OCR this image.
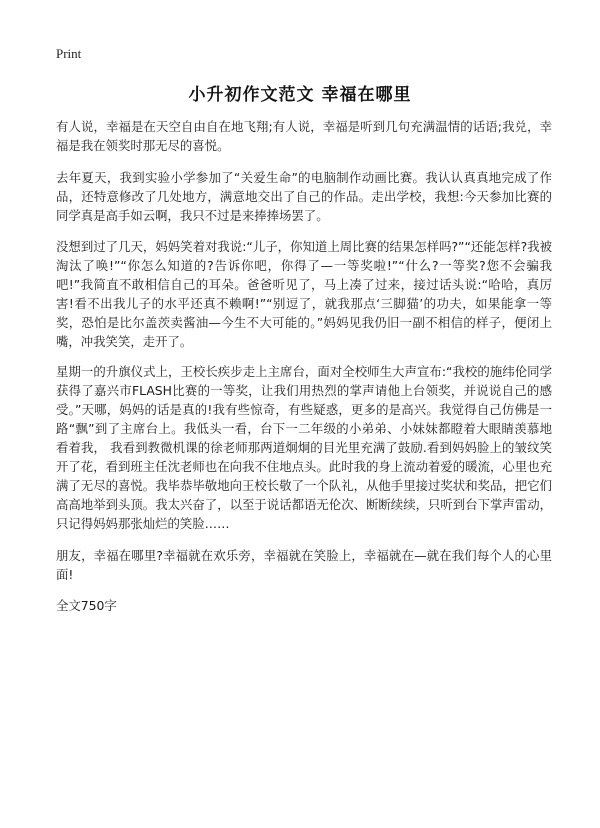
Print
小升初作文范文 幸福在哪里

有人说，幸福是在天空自由自在地飞翔;有人说，幸福是听到几句充满温情的话语;我兑，幸福是我在领奖时那无尽的喜悦。

去年夏天，我到实验小学参加了“关爱生命”的电脑制作动画比赛。我认认真真地完成了作品，还特意修改了几处地方，满意地交出了自己的作品。走出学校，我想:今天参加比赛的同学真是高手如云啊，我只不过是来捧捧场罢了。

没想到过了几天，妈妈笑着对我说:“儿子，你知道上周比赛的结果怎样吗?”“还能怎样?我被淘汰了唤!”“你怎么知道的?告诉你吧，你得了—一等奖啦!”“什么?一等奖?您不会骗我吧!”我简直不敢相信自己的耳朵。爸爸听见了，马上凑了过来，接过话头说:“哈哈，真厉害!看不出我儿子的水平还真不赖啊!”“别逗了，就我那点‘三脚猫’的功夫，如果能拿一等奖，恐怕是比尔盖茨卖酱油—今生不大可能的。”妈妈见我仍旧一副不相信的样子，便闭上嘴，冲我笑笑，走开了。

星期一的升旗仪式上，王校长疾步走上主席台，面对全校师生大声宣布:“我校的施纬伦同学获得了嘉兴市FLASH比赛的一等奖，让我们用热烈的掌声请他上台领奖，并说说自己的感受。”天哪，妈妈的话是真的!我有些惊奇，有些疑惑，更多的是高兴。我觉得自己仿佛是一路“飘”到了主席台上。我低头一看，台下一二年级的小弟弟、小妹妹都瞪着大眼睛羡慕地看着我， 我看到教微机课的徐老师那两道炯炯的目光里充满了鼓励.看到妈妈脸上的皱纹笑开了花，看到班主任沈老师也在向我不住地点头。此时我的身上流动着爱的暖流，心里也充满了无尽的喜悦。我毕恭毕敬地向王校长敬了一个队礼，从他手里接过奖状和奖品，把它们高高地举到头顶。我太兴奋了，以至于说话都语无伦次、断断续续，只听到台下掌声雷动，只记得妈妈那张灿烂的笑脸……

朋友，幸福在哪里?幸福就在欢乐旁，幸福就在笑脸上，幸福就在—就在我们每个人的心里面!

全文750字
